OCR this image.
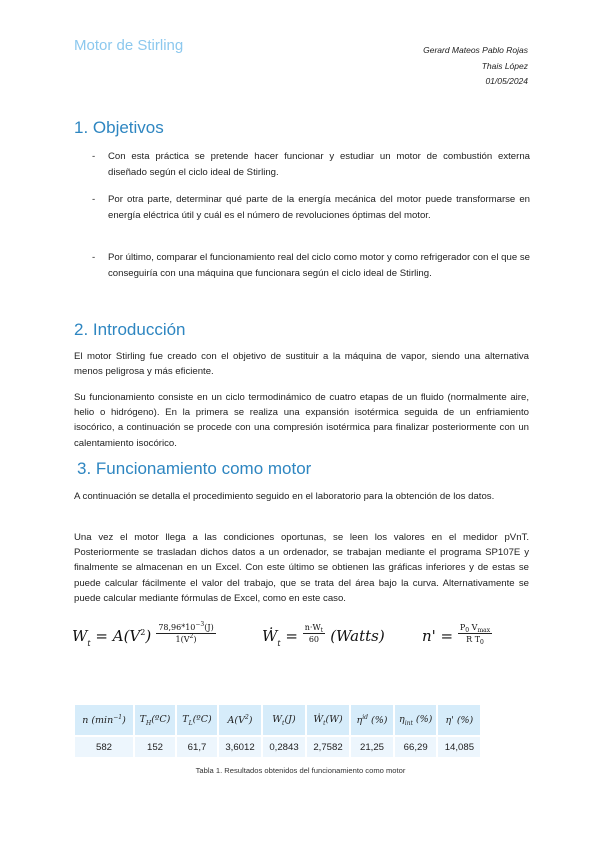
Motor de Stirling	Gerard Mateos Pablo Rojas
Thais López
01/05/2024
1. Objetivos
- Con esta práctica se pretende hacer funcionar y estudiar un motor de combustión externa diseñado según el ciclo ideal de Stirling.
- Por otra parte, determinar qué parte de la energía mecánica del motor puede transformarse en energía eléctrica útil y cuál es el número de revoluciones óptimas del motor.
- Por último, comparar el funcionamiento real del ciclo como motor y como refrigerador con el que se conseguiría con una máquina que funcionara según el ciclo ideal de Stirling.
2. Introducción
El motor Stirling fue creado con el objetivo de sustituir a la máquina de vapor, siendo una alternativa menos peligrosa y más eficiente.
Su funcionamiento consiste en un ciclo termodinámico de cuatro etapas de un fluido (normalmente aire, helio o hidrógeno). En la primera se realiza una expansión isotérmica seguida de un enfriamiento isocórico, a continuación se procede con una compresión isotérmica para finalizar posteriormente con un calentamiento isocórico.
3. Funcionamiento como motor
A continuación se detalla el procedimiento seguido en el laboratorio para la obtención de los datos.
Una vez el motor llega a las condiciones oportunas, se leen los valores en el medidor pVnT. Posteriormente se trasladan dichos datos a un ordenador, se trabajan mediante el programa SP107E y finalmente se almacenan en un Excel. Con este último se obtienen las gráficas inferiores y de estas se puede calcular fácilmente el valor del trabajo, que se trata del área bajo la curva. Alternativamente se puede calcular mediante fórmulas de Excel, como en este caso.
$W_t = A(V^2) \frac{78,96*10^{-3}(J)}{1(V^2)}$	Ẇ$_t$ = $\frac{n\cdot W_t}{60}$ (Watts) $n' = \frac{P_0 V_{max}}{R T_0}$
n $(\min^{-1})$	$T_H(ºC)$	$T_L(ºC)$	$A(V^2)$	$W_t(J)$	Ẇ$_t$(W)	$\eta^{id}$ (%)	$\eta_{int}$ (%)	η' (%)
582	152	61,7	3,6012	0,2843	2,7582	21,25	66,29	14,085
Tabla 1. Resultados obtenidos del funcionamiento como motor
